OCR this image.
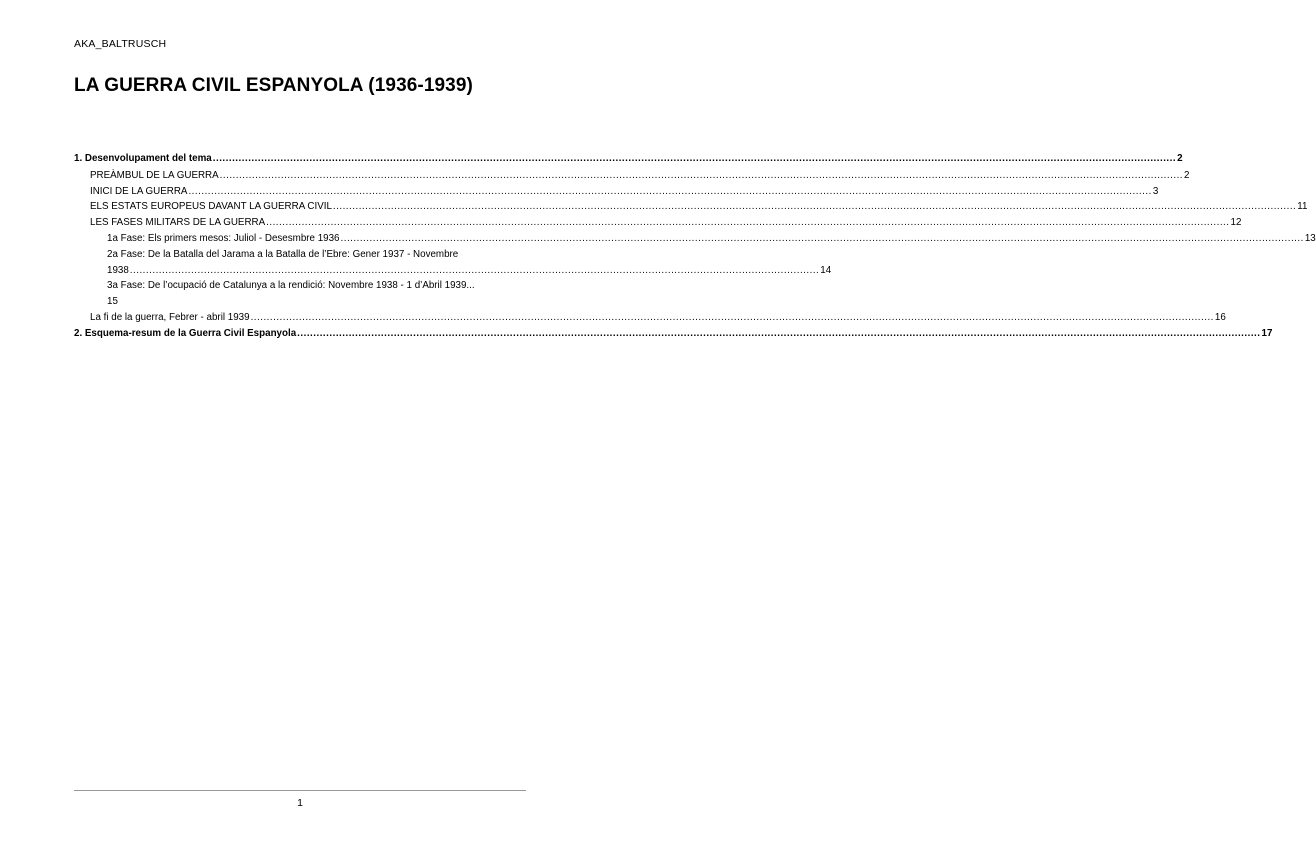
AKA_BALTRUSCH
LA GUERRA CIVIL ESPANYOLA (1936-1939)
1. Desenvolupament del tema .....	2
PREÀMBUL DE LA GUERRA .....	2
INICI DE LA GUERRA .....	3
ELS ESTATS EUROPEUS DAVANT LA GUERRA CIVIL .....	11
LES FASES MILITARS DE LA GUERRA .....	12
1a Fase: Els primers mesos: Juliol - Desesmbre 1936 .....	13
2a Fase: De la Batalla del Jarama a la Batalla de l’Ebre: Gener 1937 - Novembre
1938 ...................................................................................................................................................................................................................... 14
3a Fase: De l’ocupació de Catalunya a la rendició: Novembre 1938 - 1 d’Abril 1939...
15
La fi de la guerra, Febrer - abril 1939 .....	16
2. Esquema-resum de la Guerra Civil Espanyola .....	17
1
